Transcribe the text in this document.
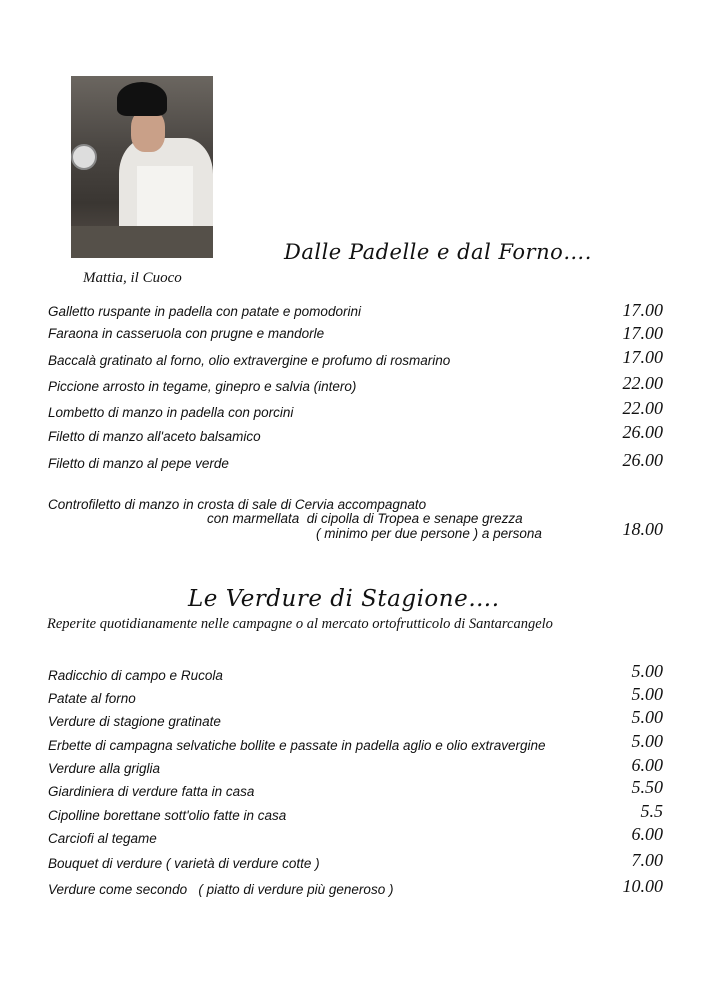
Mattia, il Cuoco
Dalle Padelle e dal Forno….
Galletto ruspante in padella con patate e pomodorini	17.00
Faraona in casseruola con prugne e mandorle	17.00
Baccalà gratinato al forno, olio extravergine e profumo di rosmarino	17.00
Piccione arrosto in tegame, ginepro e salvia (intero)	22.00
Lombetto di manzo in padella con porcini	22.00
Filetto di manzo all'aceto balsamico	26.00
Filetto di manzo al pepe verde	26.00
Controfiletto di manzo in crosta di sale di Cervia accompagnato
con marmellata  di cipolla di Tropea e senape grezza
( minimo per due persone ) a persona	18.00
Le Verdure di Stagione….
Reperite quotidianamente nelle campagne o al mercato ortofrutticolo di Santarcangelo
Radicchio di campo e Rucola	5.00
Patate al forno	5.00
Verdure di stagione gratinate	5.00
Erbette di campagna selvatiche bollite e passate in padella aglio e olio extravergine	5.00
Verdure alla griglia	6.00
Giardiniera di verdure fatta in casa	5.50
Cipolline borettane sott'olio fatte in casa	5.5
Carciofi al tegame	6.00
Bouquet di verdure ( varietà di verdure cotte )	7.00
Verdure come secondo   ( piatto di verdure più generoso )	10.00
